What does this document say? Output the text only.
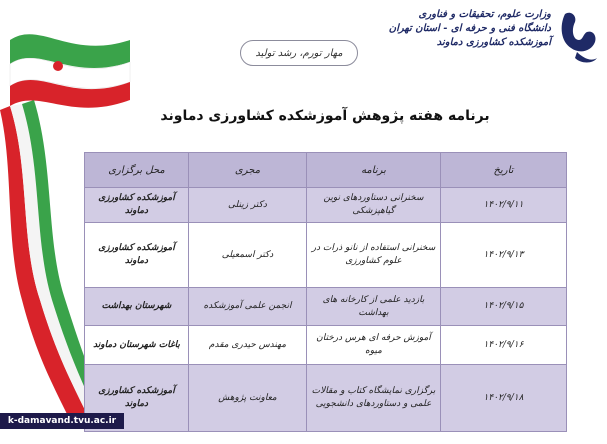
وزارت علوم، تحقیقات و فناوری
دانشگاه فنی و حرفه ای - استان تهران
آموزشکده کشاورزی دماوند
مهار تورم، رشد تولید
برنامه هفته پژوهش آموزشکده کشاورزی دماوند
تاریخ	برنامه	مجری	محل برگزاری
۱۴۰۲/۹/۱۱	سخنرانی دستاوردهای نوین گیاهپزشکی	دکتر زینلی	آموزشکده کشاورزی دماوند
۱۴۰۲/۹/۱۳	سخنرانی استفاده از نانو ذرات در علوم کشاورزی	دکتر اسمعیلی	آموزشکده کشاورزی دماوند
۱۴۰۲/۹/۱۵	بازدید علمی از کارخانه های بهداشت	انجمن علمی آموزشکده	شهرستان بهداشت
۱۴۰۲/۹/۱۶	آموزش حرفه ای هرس درختان میوه	مهندس حیدری مقدم	باغات شهرستان دماوند
۱۴۰۲/۹/۱۸	برگزاری نمایشگاه کتاب و مقالات علمی و دستاوردهای دانشجویی	معاونت پژوهش	آموزشکده کشاورزی دماوند
k-damavand.tvu.ac.ir
